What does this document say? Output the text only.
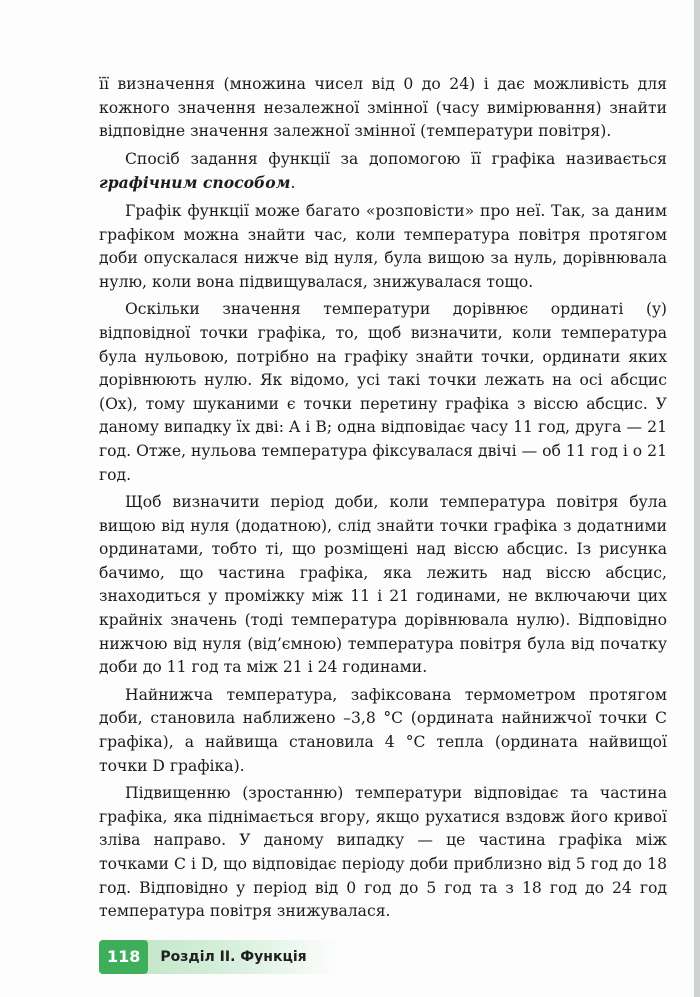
її визначення (множина чисел від 0 до 24) і дає можливість для кожного значення незалежної змінної (часу вимірювання) знайти відповідне значення залежної змінної (температури повітря).

Спосіб задання функції за допомогою її графіка називається графічним способом.

Графік функції може багато «розповісти» про неї. Так, за даним графіком можна знайти час, коли температура повітря протягом доби опускалася нижче від нуля, була вищою за нуль, дорівнювала нулю, коли вона підвищувалася, знижувалася тощо.

Оскільки значення температури дорівнює ординаті (y) відповідної точки графіка, то, щоб визначити, коли температура була нульовою, потрібно на графіку знайти точки, ординати яких дорівнюють нулю. Як відомо, усі такі точки лежать на осі абсцис (Ox), тому шуканими є точки перетину графіка з віссю абсцис. У даному випадку їх дві: A і B; одна відповідає часу 11 год, друга — 21 год. Отже, нульова температура фіксувалася двічі — об 11 год і о 21 год.

Щоб визначити період доби, коли температура повітря була вищою від нуля (додатною), слід знайти точки графіка з додатними ординатами, тобто ті, що розміщені над віссю абсцис. Із рисунка бачимо, що частина графіка, яка лежить над віссю абсцис, знаходиться у проміжку між 11 і 21 годинами, не включаючи цих крайніх значень (тоді температура дорівнювала нулю). Відповідно нижчою від нуля (від’ємною) температура повітря була від початку доби до 11 год та між 21 і 24 годинами.

Найнижча температура, зафіксована термометром протягом доби, становила наближено –3,8 °C (ордината найнижчої точки C графіка), а найвища становила 4 °C тепла (ордината найвищої точки D графіка).

Підвищенню (зростанню) температури відповідає та частина графіка, яка піднімається вгору, якщо рухатися вздовж його кривої зліва направо. У даному випадку — це частина графіка між точками C і D, що відповідає періоду доби приблизно від 5 год до 18 год. Відповідно у період від 0 год до 5 год та з 18 год до 24 год температура повітря знижувалася.

118	Розділ ІІ. Функція
